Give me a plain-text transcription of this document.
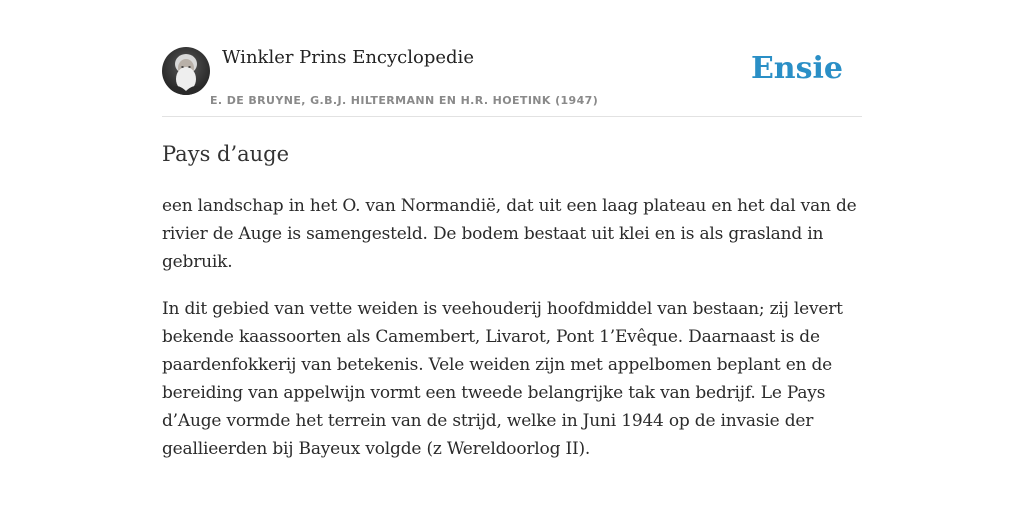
Winkler Prins Encyclopedie
E. DE BRUYNE, G.B.J. HILTERMANN EN H.R. HOETINK (1947)
Ensie
Pays d’auge

een landschap in het O. van Normandië, dat uit een laag plateau en het dal van de rivier de Auge is samengesteld. De bodem bestaat uit klei en is als grasland in gebruik.

In dit gebied van vette weiden is veehouderij hoofdmiddel van bestaan; zij levert bekende kaassoorten als Camembert, Livarot, Pont 1’Evêque. Daarnaast is de paardenfokkerij van betekenis. Vele weiden zijn met appelbomen beplant en de bereiding van appelwijn vormt een tweede belangrijke tak van bedrijf. Le Pays d’Auge vormde het terrein van de strijd, welke in Juni 1944 op de invasie der geallieerden bij Bayeux volgde (z Wereldoorlog II).
